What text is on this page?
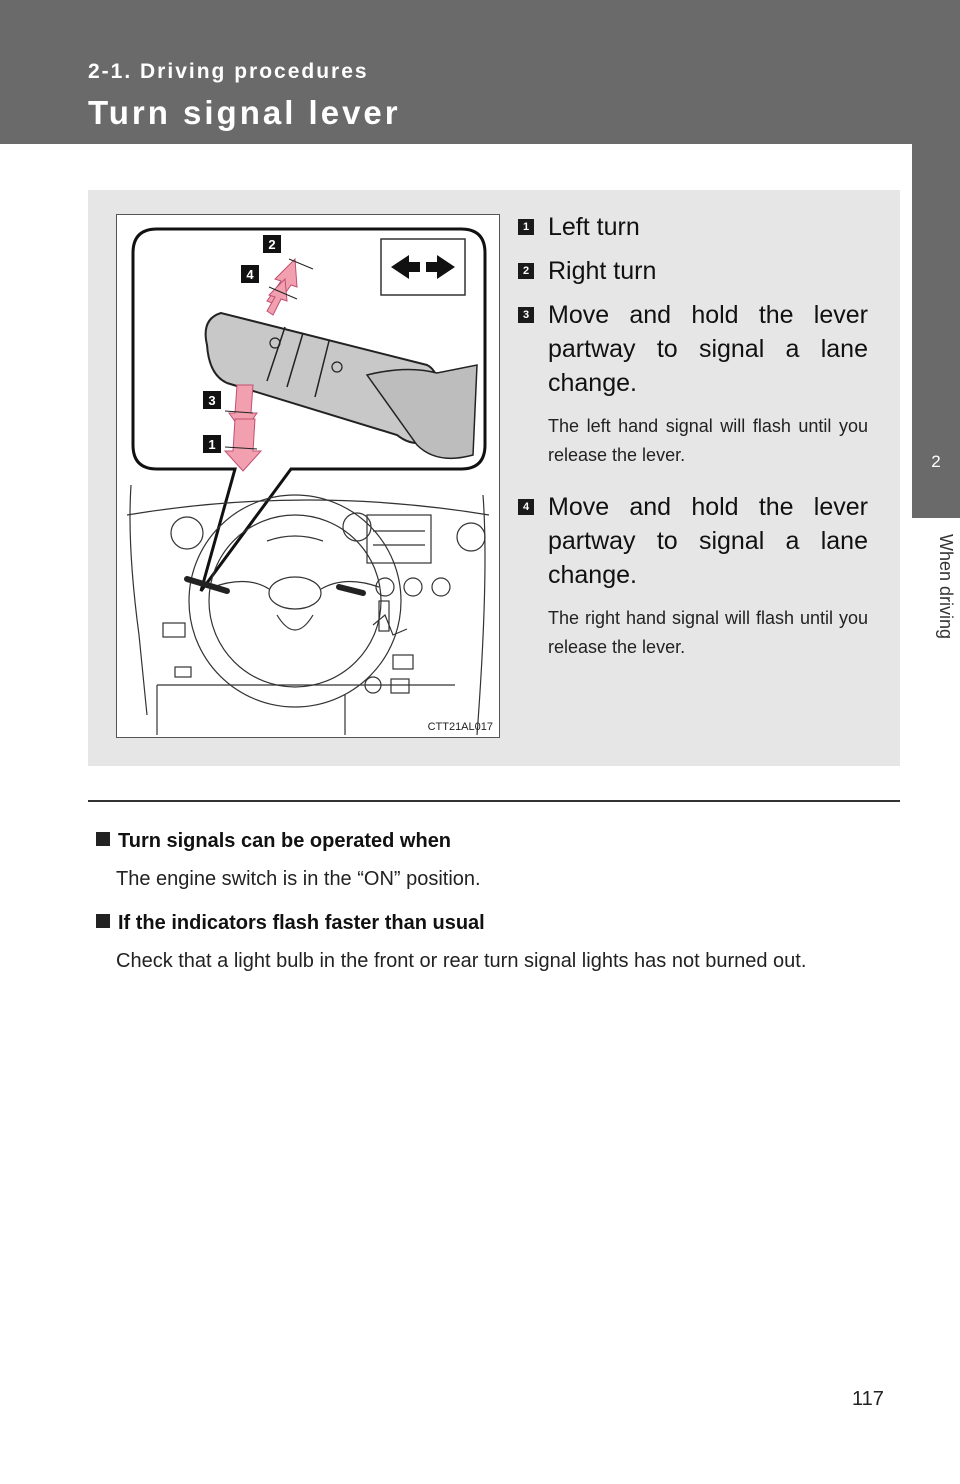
2-1. Driving procedures
Turn signal lever
2
When driving
2
4
3
1
CTT21AL017
1 Left turn
2 Right turn
3 Move and hold the lever partway to signal a lane change.
The left hand signal will flash until you release the lever.
4 Move and hold the lever partway to signal a lane change.
The right hand signal will flash until you release the lever.
Turn signals can be operated when
The engine switch is in the “ON” position.
If the indicators flash faster than usual
Check that a light bulb in the front or rear turn signal lights has not burned out.
117
